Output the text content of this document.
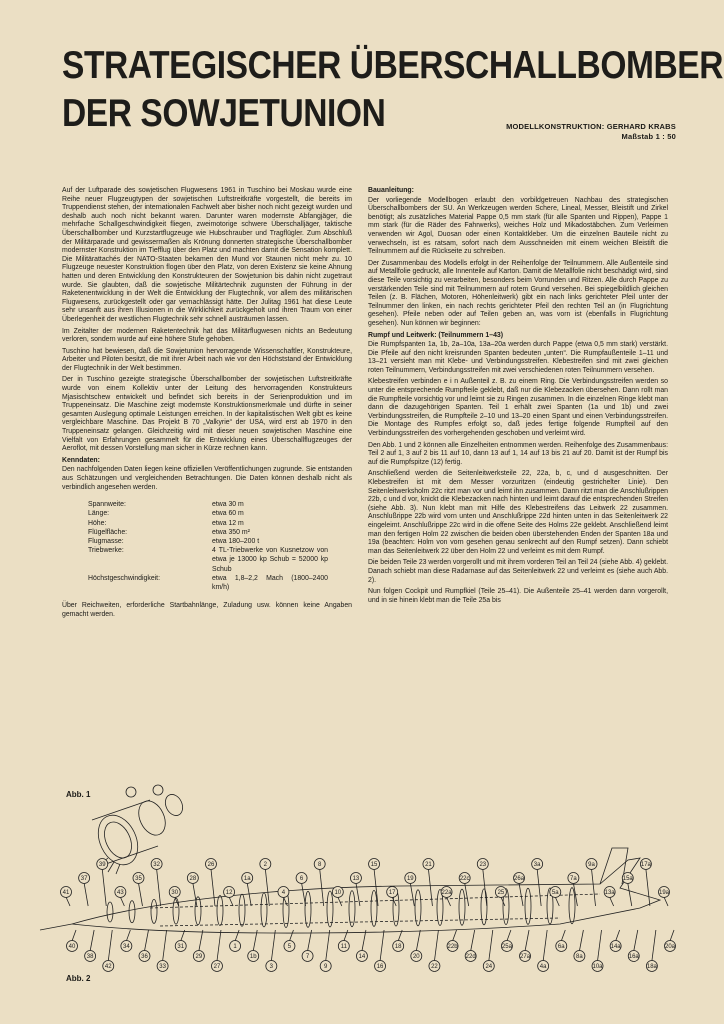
STRATEGISCHER ÜBERSCHALLBOMBER
DER SOWJETUNION	MODELLKONSTRUKTION: GERHARD KRABS
Maßstab 1 : 50

Auf der Luftparade des sowjetischen Flugwesens 1961 in Tuschino bei Moskau wurde eine Reihe neuer Flugzeugtypen der sowjetischen Luftstreitkräfte vorgestellt, die bereits im Truppendienst stehen, der internationalen Fachwelt aber bisher noch nicht gezeigt wurden und deshalb auch noch nicht bekannt waren. Darunter waren modernste Abfangjäger, die mehrfache Schallgeschwindigkeit fliegen, zweimotorige schwere Überschalljäger, taktische Überschallbomber und Kurzstartflugzeuge wie Hubschrauber und Tragflügler. Zum Abschluß der Militärparade und gewissermaßen als Krönung donnerten strategische Überschallbomber modernster Konstruktion im Tiefflug über den Platz und machten damit die Sensation komplett. Die Militärattachés der NATO-Staaten bekamen den Mund vor Staunen nicht mehr zu. 10 Flugzeuge neuester Konstruktion flogen über den Platz, von deren Existenz sie keine Ahnung hatten und deren Entwicklung den Konstrukteuren der Sowjetunion bis dahin nicht zugetraut wurde. Sie glaubten, daß die sowjetische Militärtechnik zugunsten der Führung in der Raketenentwicklung in der Welt die Entwicklung der Flugtechnik, vor allem des militärischen Flugwesens, zurückgestellt oder gar vernachlässigt hätte. Der Julitag 1961 hat diese Leute sehr unsanft aus ihren Illusionen in die Wirklichkeit zurückgeholt und ihren Traum von einer Überlegenheit der westlichen Flugtechnik sehr schnell austräumen lassen.

Im Zeitalter der modernen Raketentechnik hat das Militärflugwesen nichts an Bedeutung verloren, sondern wurde auf eine höhere Stufe gehoben.

Tuschino hat bewiesen, daß die Sowjetunion hervorragende Wissenschaftler, Konstrukteure, Arbeiter und Piloten besitzt, die mit ihrer Arbeit nach wie vor den Höchststand der Entwicklung der Flugtechnik in der Welt bestimmen.

Der in Tuschino gezeigte strategische Überschallbomber der sowjetischen Luftstreitkräfte wurde von einem Kollektiv unter der Leitung des hervorragenden Konstrukteurs Mjasischtschew entwickelt und befindet sich bereits in der Serienproduktion und im Truppeneinsatz. Die Maschine zeigt modernste Konstruktionsmerkmale und dürfte in seiner gesamten Auslegung optimale Leistungen erreichen. In der kapitalistischen Welt gibt es keine vergleichbare Maschine. Das Projekt B 70 „Valkyrie“ der USA, wird erst ab 1970 in den Truppeneinsatz gelangen. Gleichzeitig wird mit dieser neuen sowjetischen Maschine eine Vielfalt von Erfahrungen gesammelt für die Entwicklung eines Überschallflugzeuges der Aeroflot, mit dessen Vorstellung man sicher in Kürze rechnen kann.

Kenndaten:

Den nachfolgenden Daten liegen keine offiziellen Veröffentlichungen zugrunde. Sie entstanden aus Schätzungen und vergleichenden Betrachtungen. Die Daten können deshalb nicht als verbindlich angesehen werden.

Spannweite:	etwa 30 m
Länge:	etwa 60 m
Höhe:	etwa 12 m
Flügelfläche:	etwa 350 m²
Flugmasse:	etwa 180–200 t
Triebwerke:	4 TL-Triebwerke von Kusnetzow von etwa je 13000 kp Schub = 52000 kp Schub
Höchstgeschwindigkeit:	etwa 1,8–2,2 Mach (1800–2400 km/h)

Über Reichweiten, erforderliche Startbahnlänge, Zuladung usw. können keine Angaben gemacht werden.

Bauanleitung:

Der vorliegende Modellbogen erlaubt den vorbildgetreuen Nachbau des strategischen Überschallbombers der SU. An Werkzeugen werden Schere, Lineal, Messer, Bleistift und Zirkel benötigt; als zusätzliches Material Pappe 0,5 mm stark (für alle Spanten und Rippen), Pappe 1 mm stark (für die Räder des Fahrwerks), weiches Holz und Mikadostäbchen. Zum Verleimen verwenden wir Agol, Duosan oder einen Kontaktkleber. Um die einzelnen Bauteile nicht zu verwechseln, ist es ratsam, sofort nach dem Ausschneiden mit einem weichen Bleistift die Teilnummern auf die Rückseite zu schreiben.

Der Zusammenbau des Modells erfolgt in der Reihenfolge der Teilnummern. Alle Außenteile sind auf Metallfolie gedruckt, alle Innenteile auf Karton. Damit die Metallfolie nicht beschädigt wird, sind diese Teile vorsichtig zu verarbeiten, besonders beim Vorrunden und Ritzen. Alle durch Pappe zu verstärkenden Teile sind mit Teilnummern auf rotem Grund versehen. Bei spiegelbildlich gleichen Teilen (z. B. Flächen, Motoren, Höhenleitwerk) gibt ein nach links gerichteter Pfeil unter der Teilnummer den linken, ein nach rechts gerichteter Pfeil den rechten Teil an (in Flugrichtung gesehen). Pfeile neben oder auf Teilen geben an, was vorn ist (ebenfalls in Flugrichtung gesehen). Nun können wir beginnen:

Rumpf und Leitwerk: (Teilnummern 1–43)

Die Rumpfspanten 1a, 1b, 2a–10a, 13a–20a werden durch Pappe (etwa 0,5 mm stark) verstärkt. Die Pfeile auf den nicht kreisrunden Spanten bedeuten „unten“. Die Rumpfaußenteile 1–11 und 13–21 versieht man mit Klebe- und Verbindungsstreifen. Klebestreifen sind mit zwei gleichen roten Teilnummern, Verbindungsstreifen mit zwei verschiedenen roten Teilnummern versehen.

Klebestreifen verbinden e i n Außenteil z. B. zu einem Ring. Die Verbindungsstreifen werden so unter die entsprechende Rumpfteile geklebt, daß nur die Klebezacken übersehen. Dann rollt man die Rumpfteile vorsichtig vor und leimt sie zu Ringen zusammen. In die einzelnen Ringe klebt man dann die dazugehörigen Spanten. Teil 1 erhält zwei Spanten (1a und 1b) und zwei Verbindungsstreifen, die Rumpfteile 2–10 und 13–20 einen Spant und einen Verbindungsstreifen. Die Montage des Rumpfes erfolgt so, daß jedes fertige folgende Rumpfteil auf den Verbindungsstreifen des vorhergehenden geschoben und verleimt wird.

Den Abb. 1 und 2 können alle Einzelheiten entnommen werden. Reihenfolge des Zusammenbaus: Teil 2 auf 1, 3 auf 2 bis 11 auf 10, dann 13 auf 1, 14 auf 13 bis 21 auf 20. Damit ist der Rumpf bis auf die Rumpfspitze (12) fertig.

Anschließend werden die Seitenleitwerksteile 22, 22a, b, c, und d ausgeschnitten. Der Klebestreifen ist mit dem Messer vorzuritzen (eindeutig gestrichelter Linie). Den Seitenleitwerksholm 22c ritzt man vor und leimt ihn zusammen. Dann ritzt man die Anschlußrippen 22b, c und d vor, knickt die Klebezacken nach hinten und leimt darauf die entsprechenden Streifen (siehe Abb. 3). Nun klebt man mit Hilfe des Klebestreifens das Leitwerk 22 zusammen. Anschlußrippe 22b wird vorn unten und Anschlußrippe 22d hinten unten in das Seitenleitwerk 22 eingeleimt. Anschlußrippe 22c wird in die offene Seite des Holms 22e geklebt. Anschließend leimt man den fertigen Holm 22 zwischen die beiden oben überstehenden Enden der Spanten 18a und 19a (beachten: Holm von vorn gesehen genau senkrecht auf den Rumpf setzen). Dann schiebt man das Seitenleitwerk 22 über den Holm 22 und verleimt es mit dem Rumpf.

Die beiden Teile 23 werden vorgerollt und mit ihrem vorderen Teil an Teil 24 (siehe Abb. 4) geklebt. Danach schiebt man diese Radarnase auf das Seitenleitwerk 22 und verleimt es (siehe auch Abb. 2).

Nun folgen Cockpit und Rumpfkiel (Teile 25–41). Die Außenteile 25–41 werden dann vorgerollt, und in sie hinein klebt man die Teile 25a bis

Abb. 1
Abb. 2
41
40
37
38
39
42
43
34
35
36
32
33
30
31
28
29
26
27
12
1
1a
1b
2
3
4
5
6
7
8
9
10
11
13
14
15
16
17
18
19
20
21
22
22a
22b
22c
22d
23
24
25
25a
26a
27a
3a
4a
5a
6a
7a
8a
9a
10a
13a
14a
15a
16a
17a
18a
19a
20a
